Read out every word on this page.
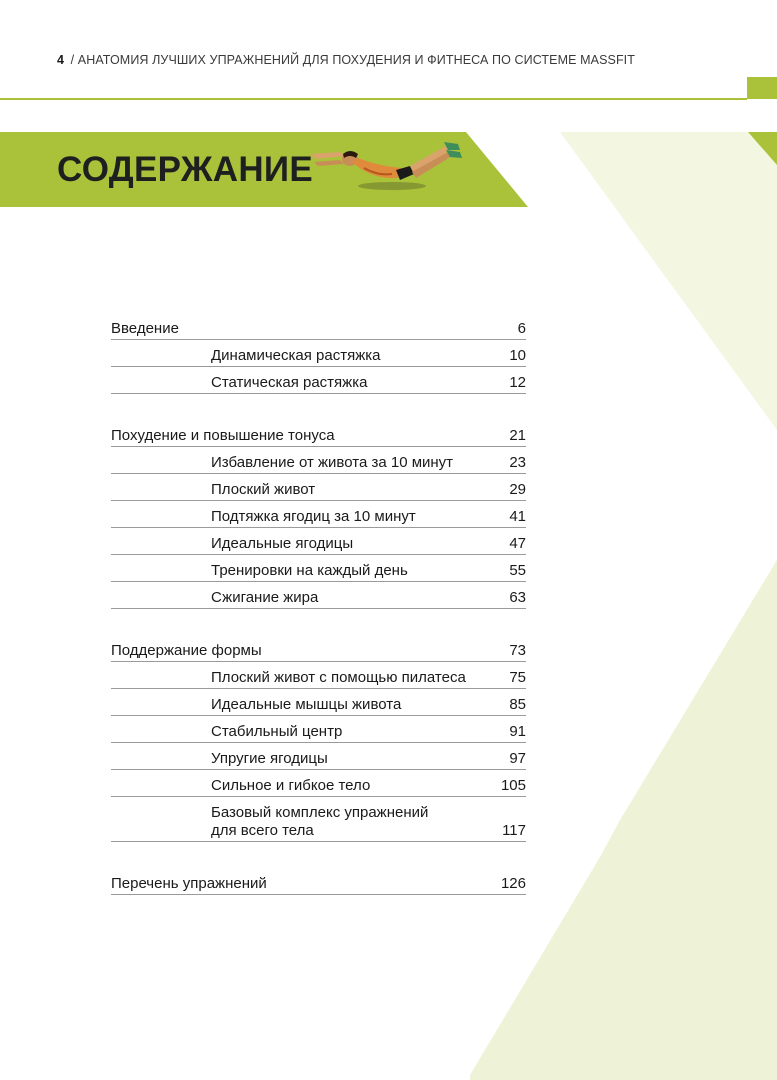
4 / АНАТОМИЯ ЛУЧШИХ УПРАЖНЕНИЙ ДЛЯ ПОХУДЕНИЯ И ФИТНЕСА ПО СИСТЕМЕ MASSFIT
СОДЕРЖАНИЕ
Введение	6
Динамическая растяжка	10
Статическая растяжка	12
Похудение и повышение тонуса	21
Избавление от живота за 10 минут	23
Плоский живот	29
Подтяжка ягодиц за 10 минут	41
Идеальные ягодицы	47
Тренировки на каждый день	55
Сжигание жира	63
Поддержание формы	73
Плоский живот с помощью пилатеса	75
Идеальные мышцы живота	85
Стабильный центр	91
Упругие ягодицы	97
Сильное и гибкое тело	105
Базовый комплекс упражнений
для всего тела	117
Перечень упражнений	126
